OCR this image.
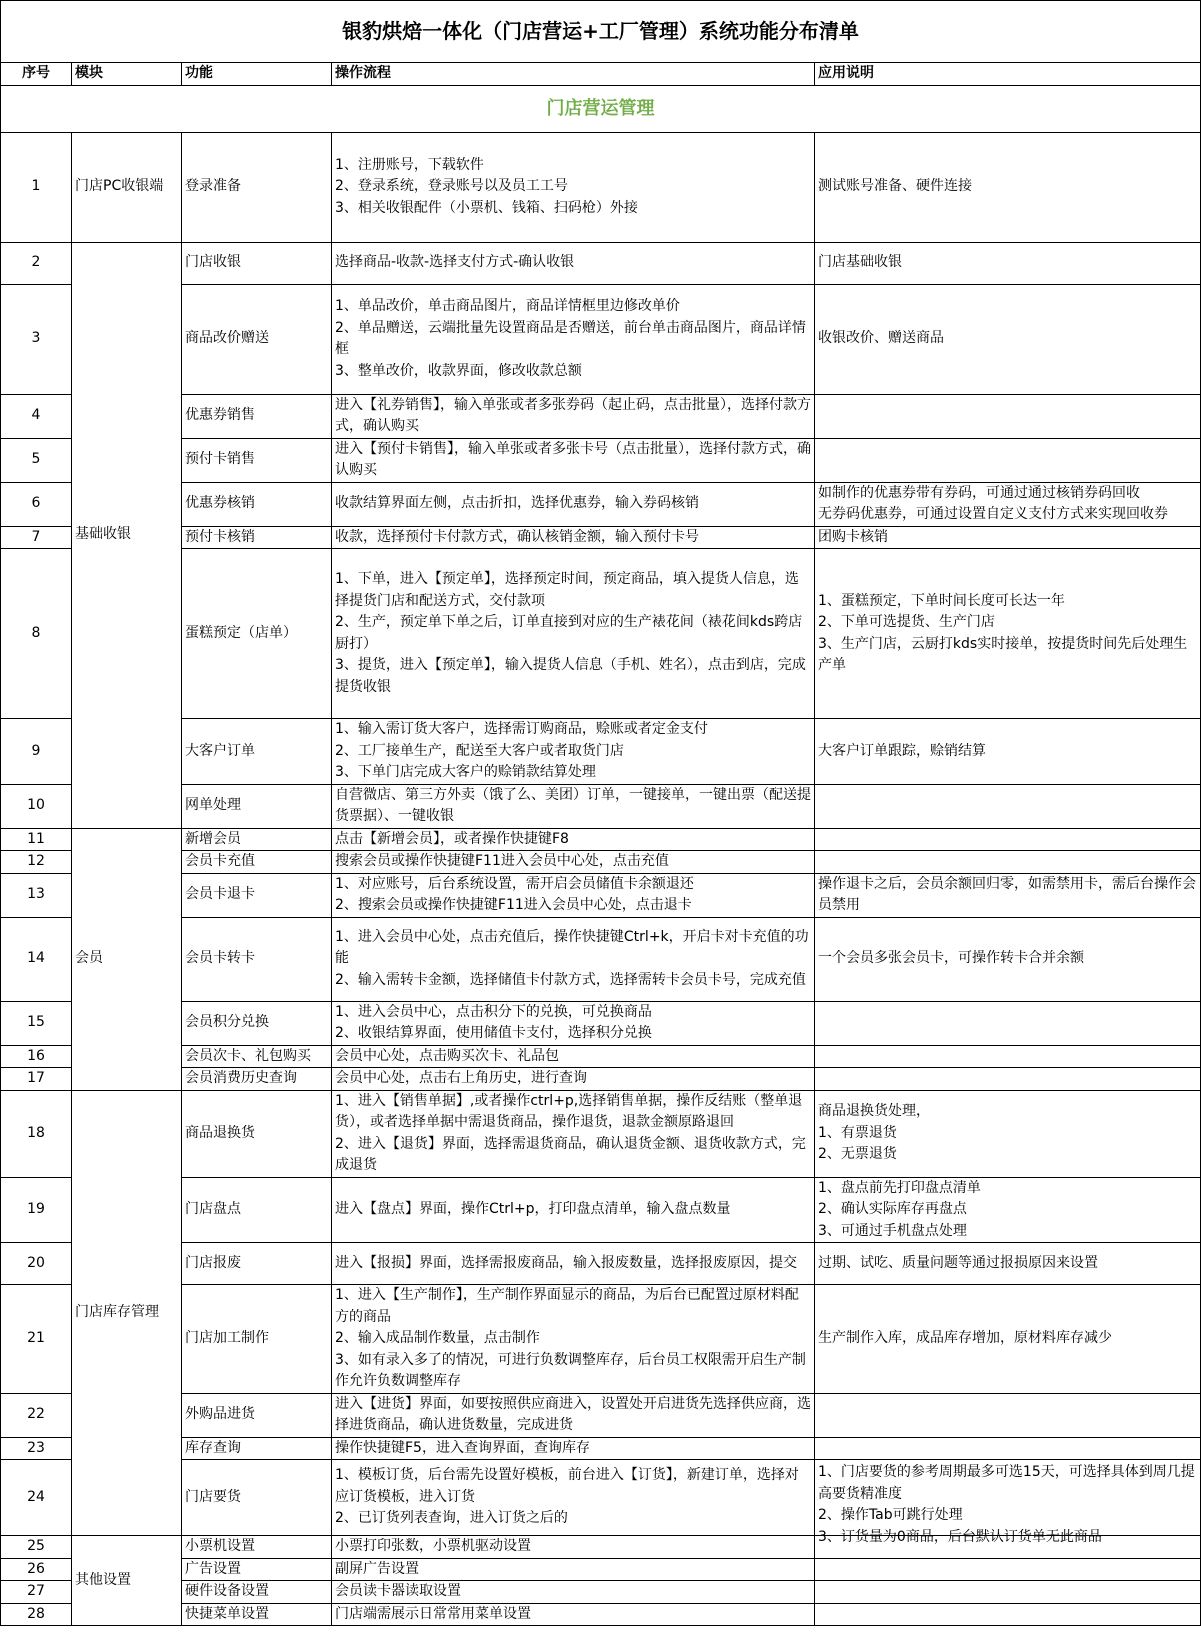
银豹烘焙一体化（门店营运+工厂管理）系统功能分布清单				
序号	模块	功能	操作流程	应用说明
门店营运管理				
1	门店PC收银端	登录准备	1、注册账号，下载软件
2、登录系统，登录账号以及员工工号
3、相关收银配件（小票机、钱箱、扫码枪）外接	测试账号准备、硬件连接

2	基础收银	门店收银	选择商品-收款-选择支付方式-确认收银	门店基础收银

3		商品改价赠送	1、单品改价，单击商品图片，商品详情框里边修改单价
2、单品赠送，云端批量先设置商品是否赠送，前台单击商品图片，商品详情框
3、整单改价，收款界面，修改收款总额	收银改价、赠送商品

4		优惠券销售	进入【礼券销售】，输入单张或者多张券码（起止码，点击批量），选择付款方式，确认购买	

5		预付卡销售	进入【预付卡销售】，输入单张或者多张卡号（点击批量），选择付款方式，确认购买	

6		优惠券核销	收款结算界面左侧，点击折扣，选择优惠券，输入券码核销	如制作的优惠券带有券码，可通过通过核销券码回收
无券码优惠券，可通过设置自定义支付方式来实现回收券

7		预付卡核销	收款，选择预付卡付款方式，确认核销金额，输入预付卡号	团购卡核销

8		蛋糕预定（店单）	1、下单，进入【预定单】，选择预定时间，预定商品，填入提货人信息，选择提货门店和配送方式，交付款项
2、生产，预定单下单之后，订单直接到对应的生产裱花间（裱花间kds跨店厨打）
3、提货，进入【预定单】，输入提货人信息（手机、姓名），点击到店，完成提货收银	1、蛋糕预定，下单时间长度可长达一年
2、下单可选提货、生产门店
3、生产门店，云厨打kds实时接单，按提货时间先后处理生产单

9		大客户订单	1、输入需订货大客户，选择需订购商品，赊账或者定金支付
2、工厂接单生产，配送至大客户或者取货门店
3、下单门店完成大客户的赊销款结算处理	大客户订单跟踪，赊销结算

10		网单处理	自营微店、第三方外卖（饿了么、美团）订单，一键接单，一键出票（配送提货票据）、一键收银	

11	会员	新增会员	点击【新增会员】，或者操作快捷键F8	

12		会员卡充值	搜索会员或操作快捷键F11进入会员中心处，点击充值	

13		会员卡退卡	1、对应账号，后台系统设置，需开启会员储值卡余额退还
2、搜索会员或操作快捷键F11进入会员中心处，点击退卡	操作退卡之后，会员余额回归零，如需禁用卡，需后台操作会员禁用

14		会员卡转卡	1、进入会员中心处，点击充值后，操作快捷键Ctrl+k，开启卡对卡充值的功能
2、输入需转卡金额，选择储值卡付款方式，选择需转卡会员卡号，完成充值	一个会员多张会员卡，可操作转卡合并余额

15		会员积分兑换	1、进入会员中心，点击积分下的兑换，可兑换商品
2、收银结算界面，使用储值卡支付，选择积分兑换	

16		会员次卡、礼包购买	会员中心处，点击购买次卡、礼品包	

17		会员消费历史查询	会员中心处，点击右上角历史，进行查询	

18	门店库存管理	商品退换货	1、进入【销售单据】,或者操作ctrl+p,选择销售单据，操作反结账（整单退货），或者选择单据中需退货商品，操作退货，退款金额原路退回
2、进入【退货】界面，选择需退货商品，确认退货金额、退货收款方式，完成退货	商品退换货处理，
1、有票退货
2、无票退货

19		门店盘点	进入【盘点】界面，操作Ctrl+p，打印盘点清单，输入盘点数量	1、盘点前先打印盘点清单
2、确认实际库存再盘点
3、可通过手机盘点处理

20		门店报废	进入【报损】界面，选择需报废商品，输入报废数量，选择报废原因，提交	过期、试吃、质量问题等通过报损原因来设置

21		门店加工制作	1、进入【生产制作】，生产制作界面显示的商品，为后台已配置过原材料配方的商品
2、输入成品制作数量，点击制作
3、如有录入多了的情况，可进行负数调整库存，后台员工权限需开启生产制作允许负数调整库存	生产制作入库，成品库存增加，原材料库存减少

22		外购品进货	进入【进货】界面，如要按照供应商进入，设置处开启进货先选择供应商，选择进货商品，确认进货数量，完成进货	

23		库存查询	操作快捷键F5，进入查询界面，查询库存	

24		门店要货	1、模板订货，后台需先设置好模板，前台进入【订货】，新建订单，选择对应订货模板，进入订货
2、已订货列表查询，进入订货之后的	1、门店要货的参考周期最多可选15天，可选择具体到周几提高要货精准度
2、操作Tab可跳行处理
3、订货量为0商品，后台默认订货单无此商品

25	其他设置	小票机设置	小票打印张数，小票机驱动设置	

26		广告设置	副屏广告设置	

27		硬件设备设置	会员读卡器读取设置	

28		快捷菜单设置	门店端需展示日常常用菜单设置	
